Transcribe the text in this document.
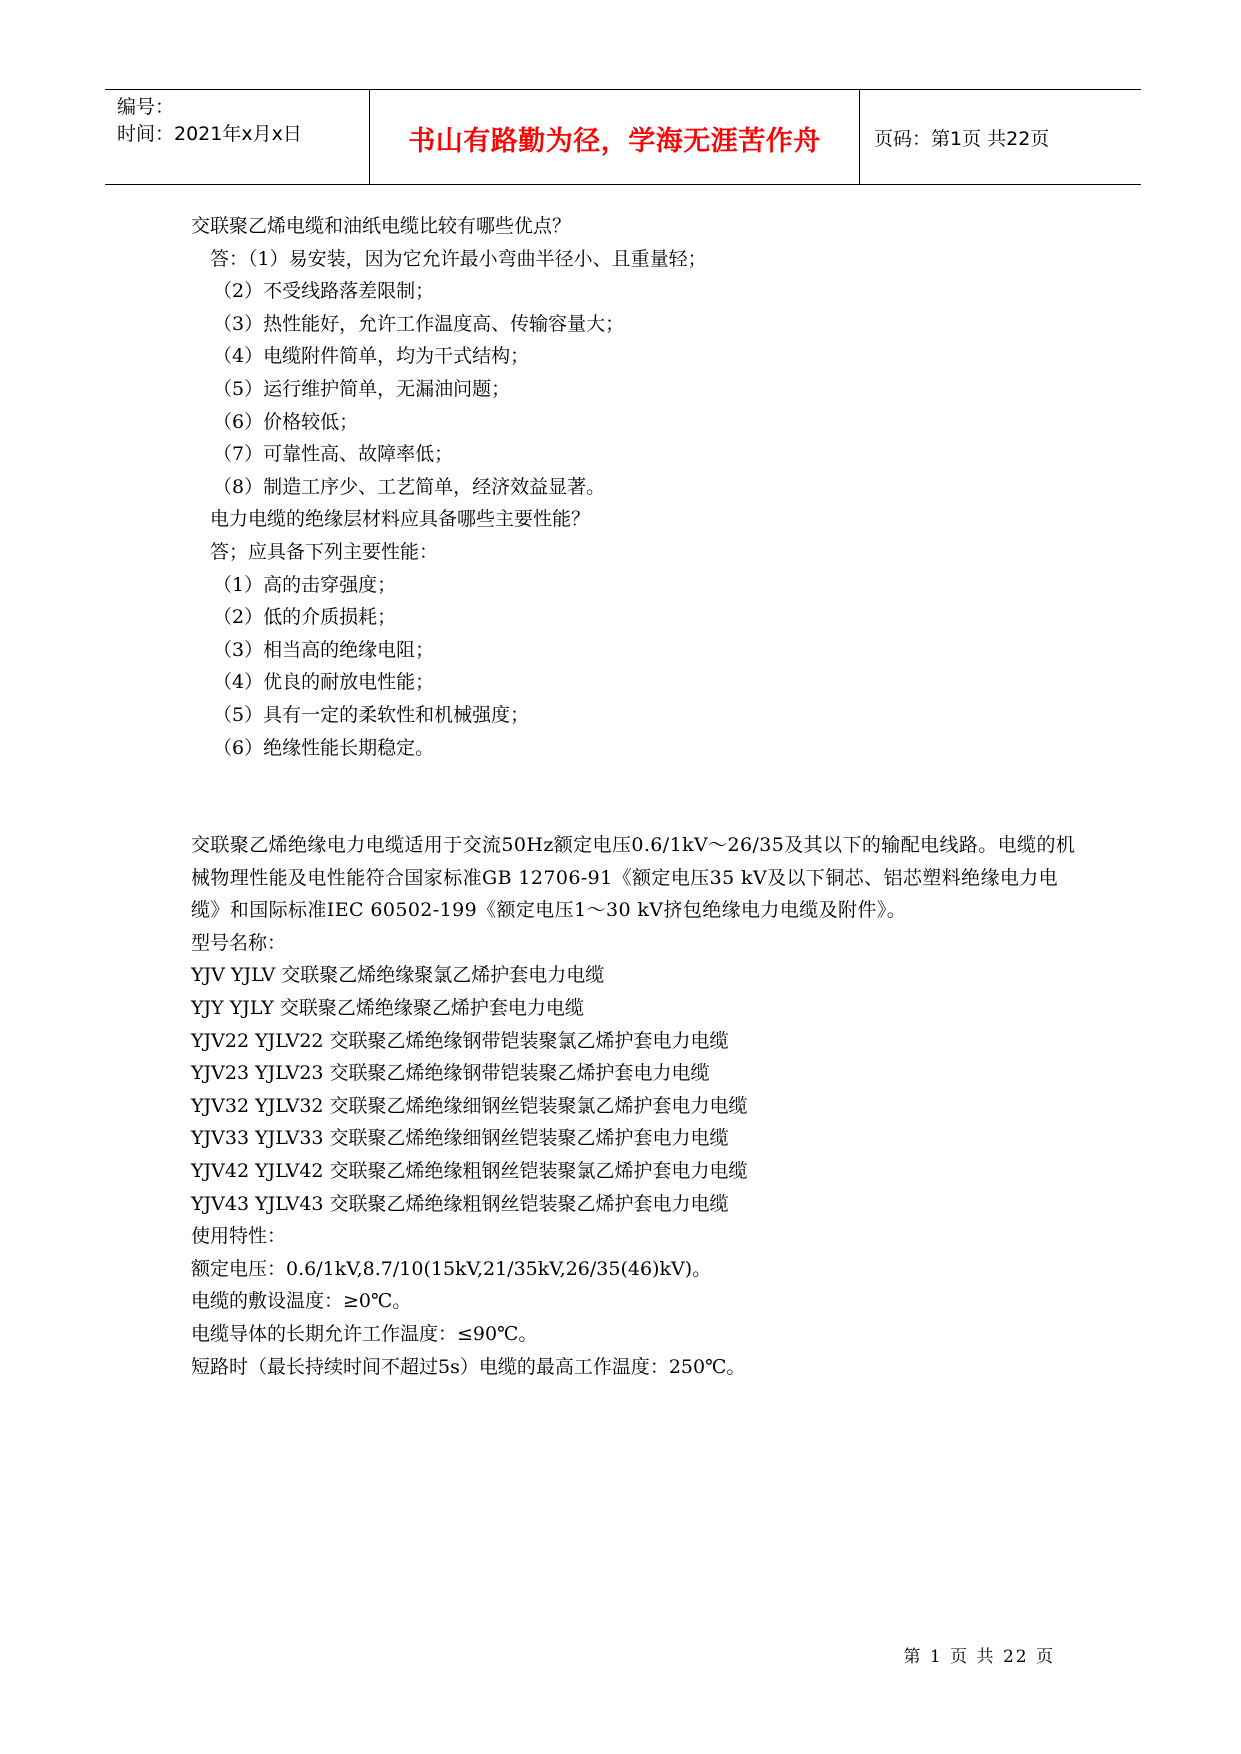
编号：
时间：2021年x月x日	书山有路勤为径，学海无涯苦作舟	页码：第1页 共22页
交联聚乙烯电缆和油纸电缆比较有哪些优点？
答：（1）易安装，因为它允许最小弯曲半径小、且重量轻；
（2）不受线路落差限制；
（3）热性能好，允许工作温度高、传输容量大；
（4）电缆附件简单，均为干式结构；
（5）运行维护简单，无漏油问题；
（6）价格较低；
（7）可靠性高、故障率低；
（8）制造工序少、工艺简单，经济效益显著。
电力电缆的绝缘层材料应具备哪些主要性能？
答；应具备下列主要性能：
（1）高的击穿强度；
（2）低的介质损耗；
（3）相当高的绝缘电阻；
（4）优良的耐放电性能；
（5）具有一定的柔软性和机械强度；
（6）绝缘性能长期稳定。
交联聚乙烯绝缘电力电缆适用于交流50Hz额定电压0.6/1kV～26/35及其以下的输配电线路。电缆的机械物理性能及电性能符合国家标准GB 12706-91《额定电压35 kV及以下铜芯、铝芯塑料绝缘电力电缆》和国际标准IEC 60502-199《额定电压1～30 kV挤包绝缘电力电缆及附件》。
型号名称：
YJV YJLV 交联聚乙烯绝缘聚氯乙烯护套电力电缆
YJY YJLY 交联聚乙烯绝缘聚乙烯护套电力电缆
YJV22 YJLV22 交联聚乙烯绝缘钢带铠装聚氯乙烯护套电力电缆
YJV23 YJLV23 交联聚乙烯绝缘钢带铠装聚乙烯护套电力电缆
YJV32 YJLV32 交联聚乙烯绝缘细钢丝铠装聚氯乙烯护套电力电缆
YJV33 YJLV33 交联聚乙烯绝缘细钢丝铠装聚乙烯护套电力电缆
YJV42 YJLV42 交联聚乙烯绝缘粗钢丝铠装聚氯乙烯护套电力电缆
YJV43 YJLV43 交联聚乙烯绝缘粗钢丝铠装聚乙烯护套电力电缆
使用特性：
额定电压：0.6/1kV,8.7/10(15kV,21/35kV,26/35(46)kV)。
电缆的敷设温度：≥0℃。
电缆导体的长期允许工作温度：≤90℃。
短路时（最长持续时间不超过5s）电缆的最高工作温度：250℃。
第 1 页 共 22 页
